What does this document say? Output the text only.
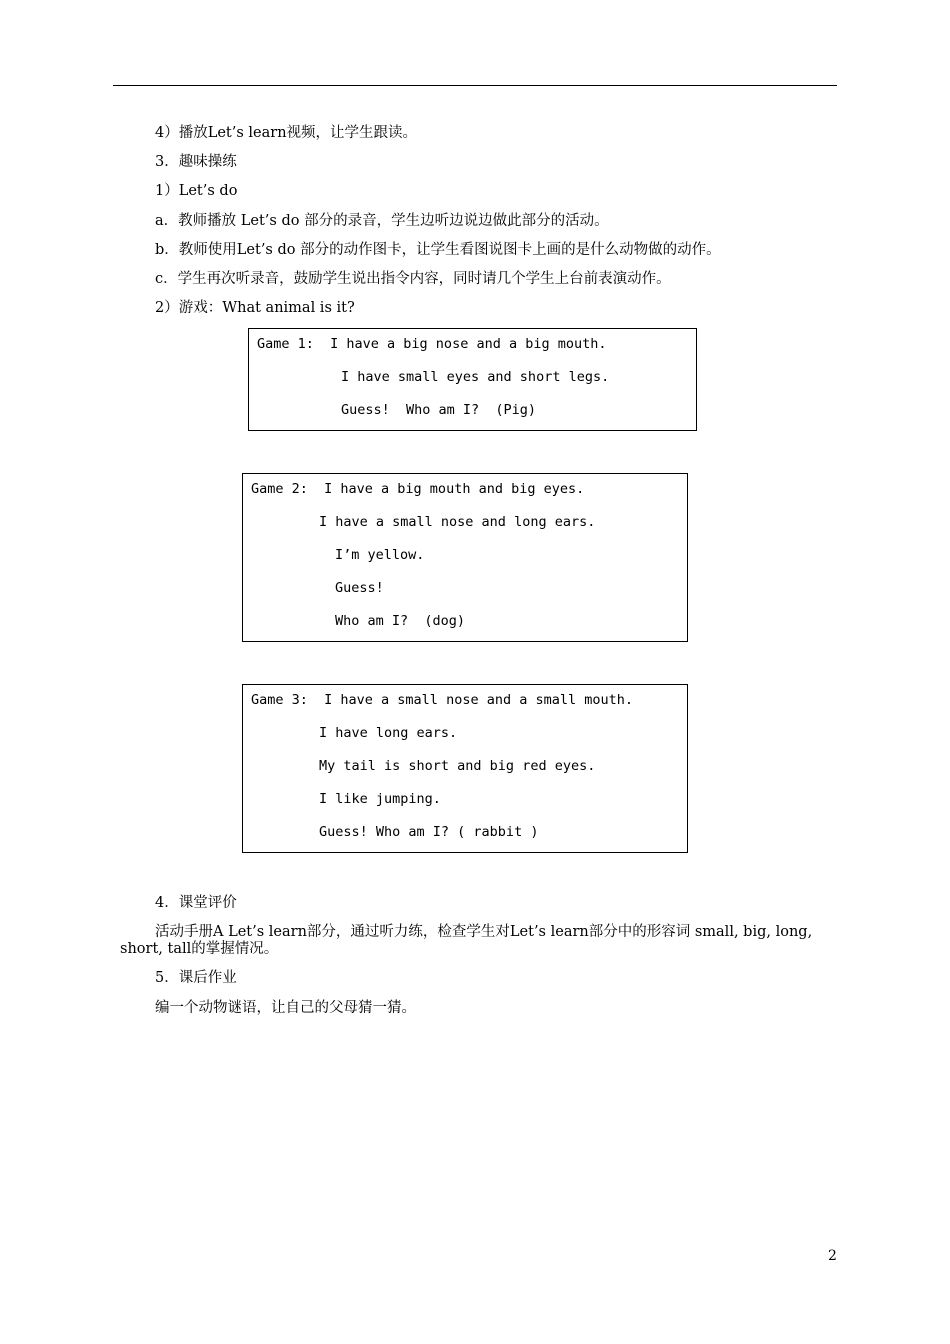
4）播放Let’s learn视频，让学生跟读。
3．趣味操练
1）Let’s do
a．教师播放 Let’s do 部分的录音，学生边听边说边做此部分的活动。
b．教师使用Let’s do 部分的动作图卡，让学生看图说图卡上画的是什么动物做的动作。
c．学生再次听录音，鼓励学生说出指令内容，同时请几个学生上台前表演动作。
2）游戏：What animal is it?
Game 1:  I have a big nose and a big mouth.
I have small eyes and short legs.
Guess!  Who am I?  (Pig)
Game 2:  I have a big mouth and big eyes.
I have a small nose and long ears.
I’m yellow.
Guess!
Who am I?  (dog)
Game 3:  I have a small nose and a small mouth.
I have long ears.
My tail is short and big red eyes.
I like jumping.
Guess! Who am I? ( rabbit )
4．课堂评价
活动手册A Let’s learn部分，通过听力练，检查学生对Let’s learn部分中的形容词 small, big, long, short, tall的掌握情况。
5．课后作业
编一个动物谜语，让自己的父母猜一猜。
2
